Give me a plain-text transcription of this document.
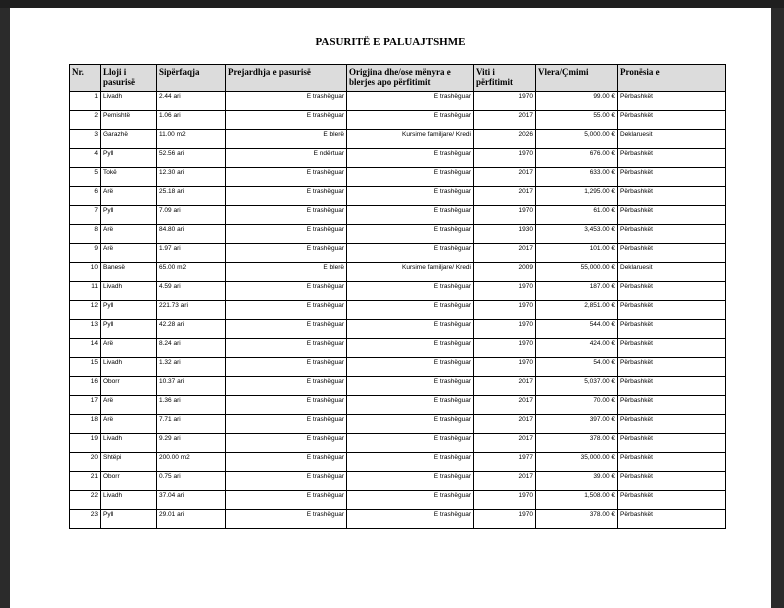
PASURITË E PALUAJTSHME
Nr.	Lloji i pasurisë	Sipërfaqja	Prejardhja e pasurisë	Origjina dhe/ose mënyra e blerjes apo përfitimit	Viti i përfitimit	Vlera/Çmimi	Pronësia e
1	Livadh	2.44 ari	E trashëguar	E trashëguar	1970	99.00 €	Përbashkët
2	Pemishtë	1.06 ari	E trashëguar	E trashëguar	2017	55.00 €	Përbashkët
3	Garazhë	11.00 m2	E blerë	Kursime familjare/ Kredi	2026	5,000.00 €	Deklaruesit
4	Pyll	52.56 ari	E ndërtuar	E trashëguar	1970	676.00 €	Përbashkët
5	Tokë	12.30 ari	E trashëguar	E trashëguar	2017	633.00 €	Përbashkët
6	Arë	25.18 ari	E trashëguar	E trashëguar	2017	1,295.00 €	Përbashkët
7	Pyll	7.09 ari	E trashëguar	E trashëguar	1970	61.00 €	Përbashkët
8	Arë	84.80 ari	E trashëguar	E trashëguar	1930	3,453.00 €	Përbashkët
9	Arë	1.97 ari	E trashëguar	E trashëguar	2017	101.00 €	Përbashkët
10	Banesë	65.00 m2	E blerë	Kursime familjare/ Kredi	2009	55,000.00 €	Deklaruesit
11	Livadh	4.59 ari	E trashëguar	E trashëguar	1970	187.00 €	Përbashkët
12	Pyll	221.73 ari	E trashëguar	E trashëguar	1970	2,851.00 €	Përbashkët
13	Pyll	42.28 ari	E trashëguar	E trashëguar	1970	544.00 €	Përbashkët
14	Arë	8.24 ari	E trashëguar	E trashëguar	1970	424.00 €	Përbashkët
15	Livadh	1.32 ari	E trashëguar	E trashëguar	1970	54.00 €	Përbashkët
16	Oborr	10.37 ari	E trashëguar	E trashëguar	2017	5,037.00 €	Përbashkët
17	Arë	1.36 ari	E trashëguar	E trashëguar	2017	70.00 €	Përbashkët
18	Arë	7.71 ari	E trashëguar	E trashëguar	2017	397.00 €	Përbashkët
19	Livadh	9.29 ari	E trashëguar	E trashëguar	2017	378.00 €	Përbashkët
20	Shtëpi	200.00 m2	E trashëguar	E trashëguar	1977	35,000.00 €	Përbashkët
21	Oborr	0.75 ari	E trashëguar	E trashëguar	2017	39.00 €	Përbashkët
22	Livadh	37.04 ari	E trashëguar	E trashëguar	1970	1,508.00 €	Përbashkët
23	Pyll	29.01 ari	E trashëguar	E trashëguar	1970	378.00 €	Përbashkët
